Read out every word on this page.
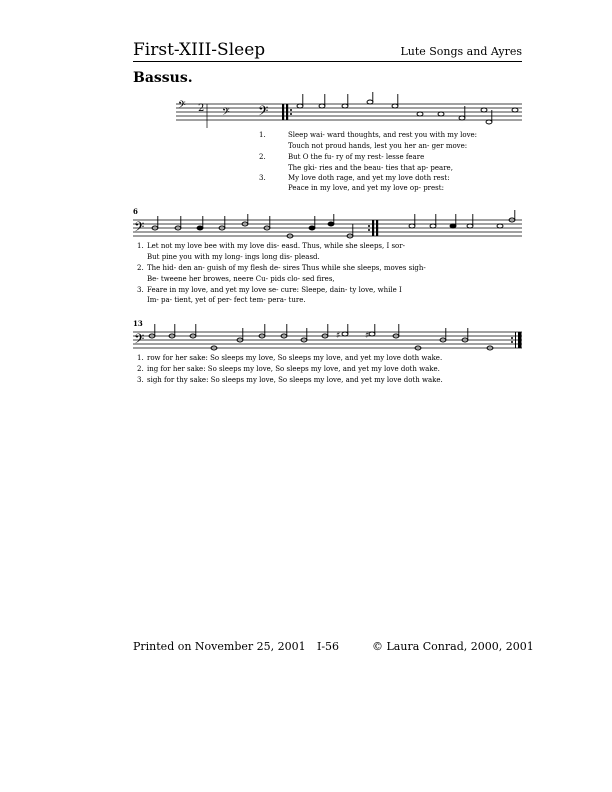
First-XIII-Sleep	Lute Songs and Ayres
Bassus.
𝄢 2 𝄢 𝄢
6
𝄢
13
𝄢	♯	♯
1.	Sleep wai- ward thoughts, and rest you with my love:
Touch not proud hands, lest you her an- ger move:
2.	But O the fu- ry of my rest- lesse feare
The gki- ries and the beau- ties that ap- peare,
3.	My love doth rage, and yet my love doth rest:
Peace in my love, and yet my love op- prest:
1. Let not my love bee with my love dis- easd. Thus, while she sleeps, I sor-
But pine you with my long- ings long dis- pleasd.
2. The hid- den an- guish of my flesh de- sires Thus while she sleeps, moves sigh-
Be- tweene her browes, neere Cu- pids clo- sed fires,
3. Feare in my love, and yet my love se- cure: Sleepe, dain- ty love, while I
Im- pa- tient, yet of per- fect tem- pera- ture.
1. row for her sake: So sleeps my love, So sleeps my love, and yet my love doth wake.
2. ing for her sake: So sleeps my love, So sleeps my love, and yet my love doth wake.
3. sigh for thy sake: So sleeps my love, So sleeps my love, and yet my love doth wake.
Printed on November 25, 2001 I-56	© Laura Conrad, 2000, 2001
